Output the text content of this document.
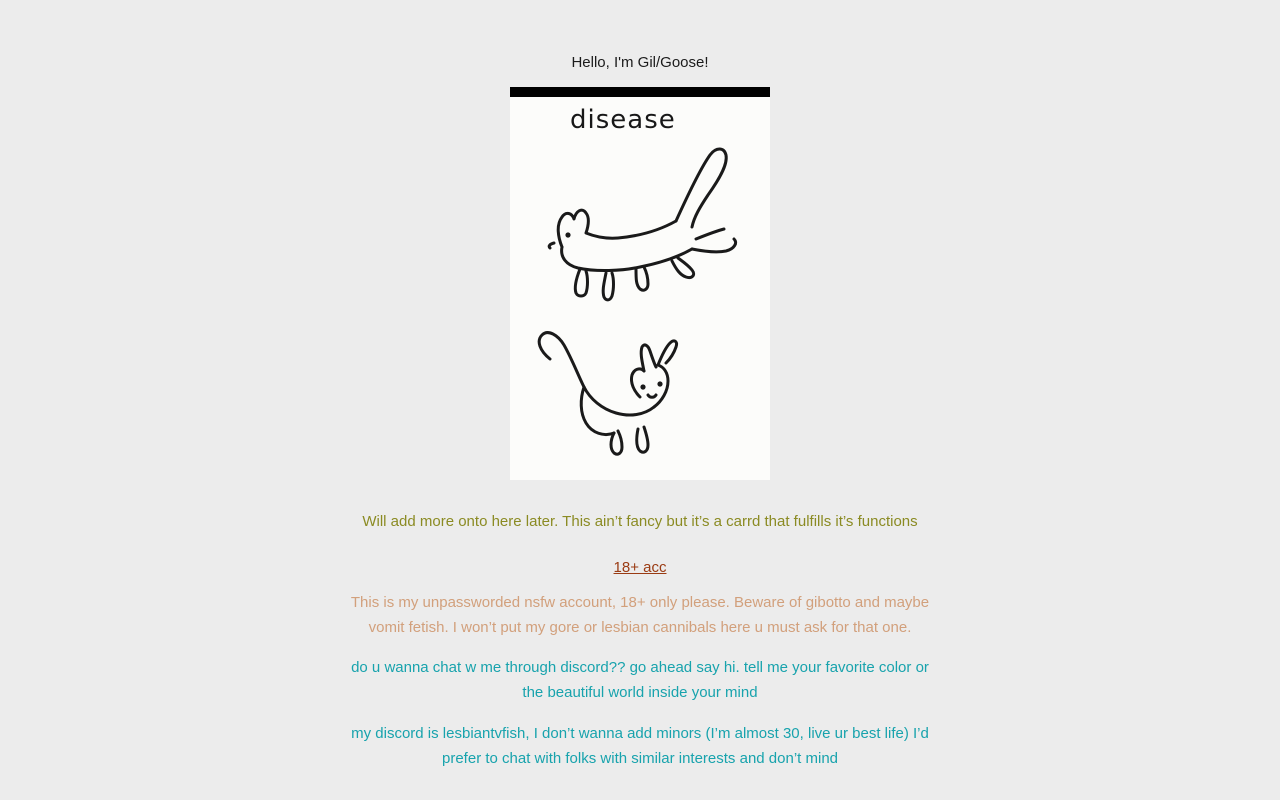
Hello, I'm Gil/Goose!
disease
Will add more onto here later. This ain’t fancy but it’s a carrd that fulfills it’s functions
18+ acc
This is my unpassworded nsfw account, 18+ only please. Beware of gibotto and maybe vomit fetish. I won’t put my gore or lesbian cannibals here u must ask for that one.
do u wanna chat w me through discord?? go ahead say hi. tell me your favorite color or the beautiful world inside your mind
my discord is lesbiantvfish, I don’t wanna add minors (I’m almost 30, live ur best life) I’d prefer to chat with folks with similar interests and don’t mind
